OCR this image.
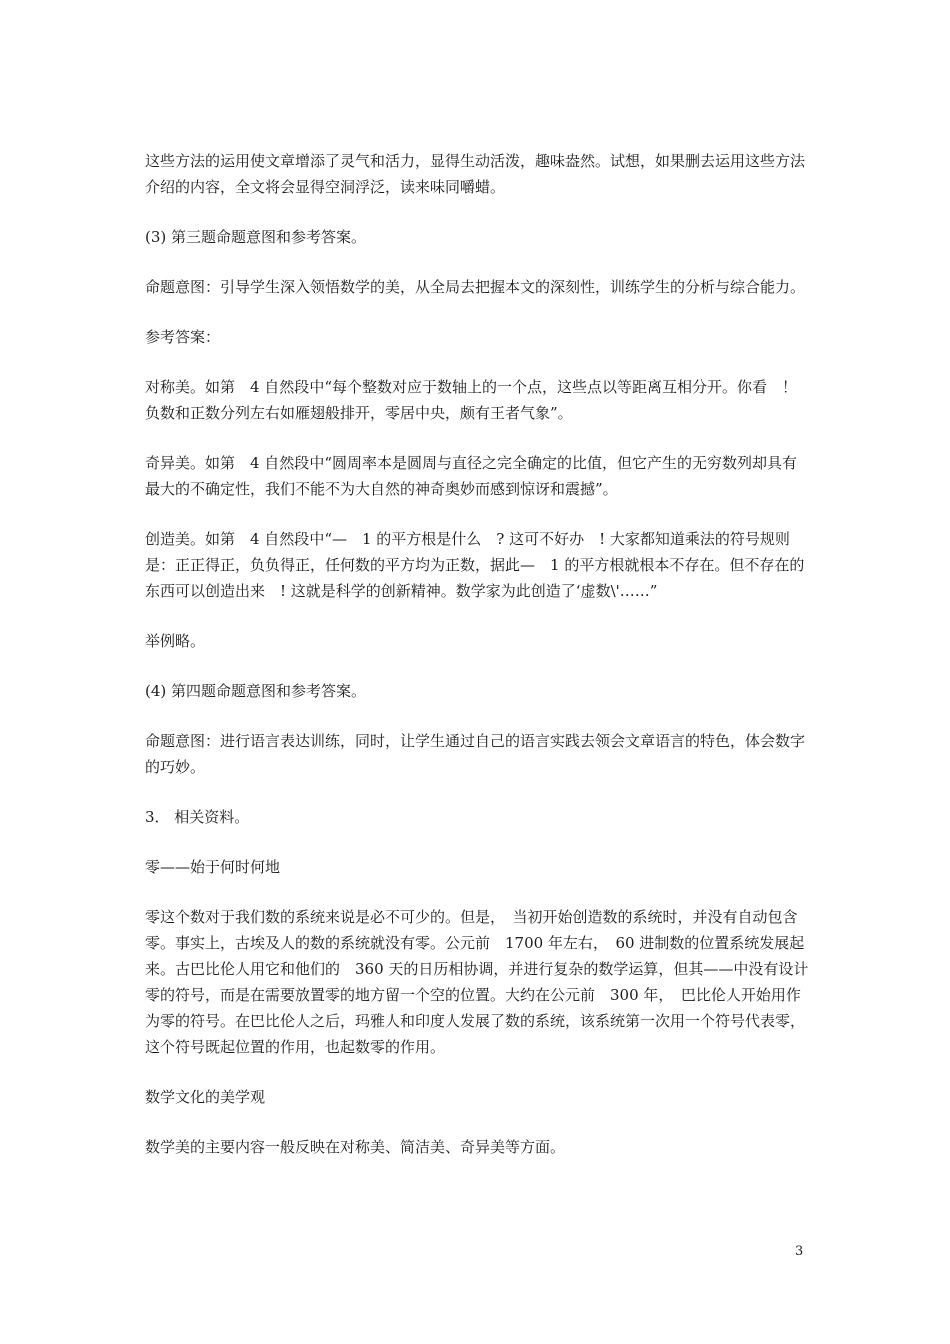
这些方法的运用使文章增添了灵气和活力，显得生动活泼，趣味盎然。试想，如果删去运用这些方法介绍的内容，全文将会显得空洞浮泛，读来味同嚼蜡。

(3) 第三题命题意图和参考答案。

命题意图：引导学生深入领悟数学的美，从全局去把握本文的深刻性，训练学生的分析与综合能力。

参考答案：

对称美。如第　4 自然段中“每个整数对应于数轴上的一个点，这些点以等距离互相分开。你看　！负数和正数分列左右如雁翅般排开，零居中央，颇有王者气象”。

奇异美。如第　4 自然段中“圆周率本是圆周与直径之完全确定的比值，但它产生的无穷数列却具有最大的不确定性，我们不能不为大自然的神奇奥妙而感到惊讶和震撼”。

创造美。如第　4 自然段中“—　1 的平方根是什么　? 这可不好办　! 大家都知道乘法的符号规则是：正正得正，负负得正，任何数的平方均为正数，据此—　1 的平方根就根本不存在。但不存在的东西可以创造出来　! 这就是科学的创新精神。数学家为此创造了‘虚数\'……”

举例略。

(4) 第四题命题意图和参考答案。

命题意图：进行语言表达训练，同时，让学生通过自己的语言实践去领会文章语言的特色，体会数字的巧妙。

3． 相关资料。

零——始于何时何地

零这个数对于我们数的系统来说是必不可少的。但是，　当初开始创造数的系统时，并没有自动包含零。事实上，古埃及人的数的系统就没有零。公元前　1700 年左右，　60 进制数的位置系统发展起来。古巴比伦人用它和他们的　360 天的日历相协调，并进行复杂的数学运算，但其——中没有设计零的符号，而是在需要放置零的地方留一个空的位置。大约在公元前　300 年，　巴比伦人开始用作为零的符号。在巴比伦人之后，玛雅人和印度人发展了数的系统，该系统第一次用一个符号代表零，这个符号既起位置的作用，也起数零的作用。

数学文化的美学观

数学美的主要内容一般反映在对称美、简洁美、奇异美等方面。

3
